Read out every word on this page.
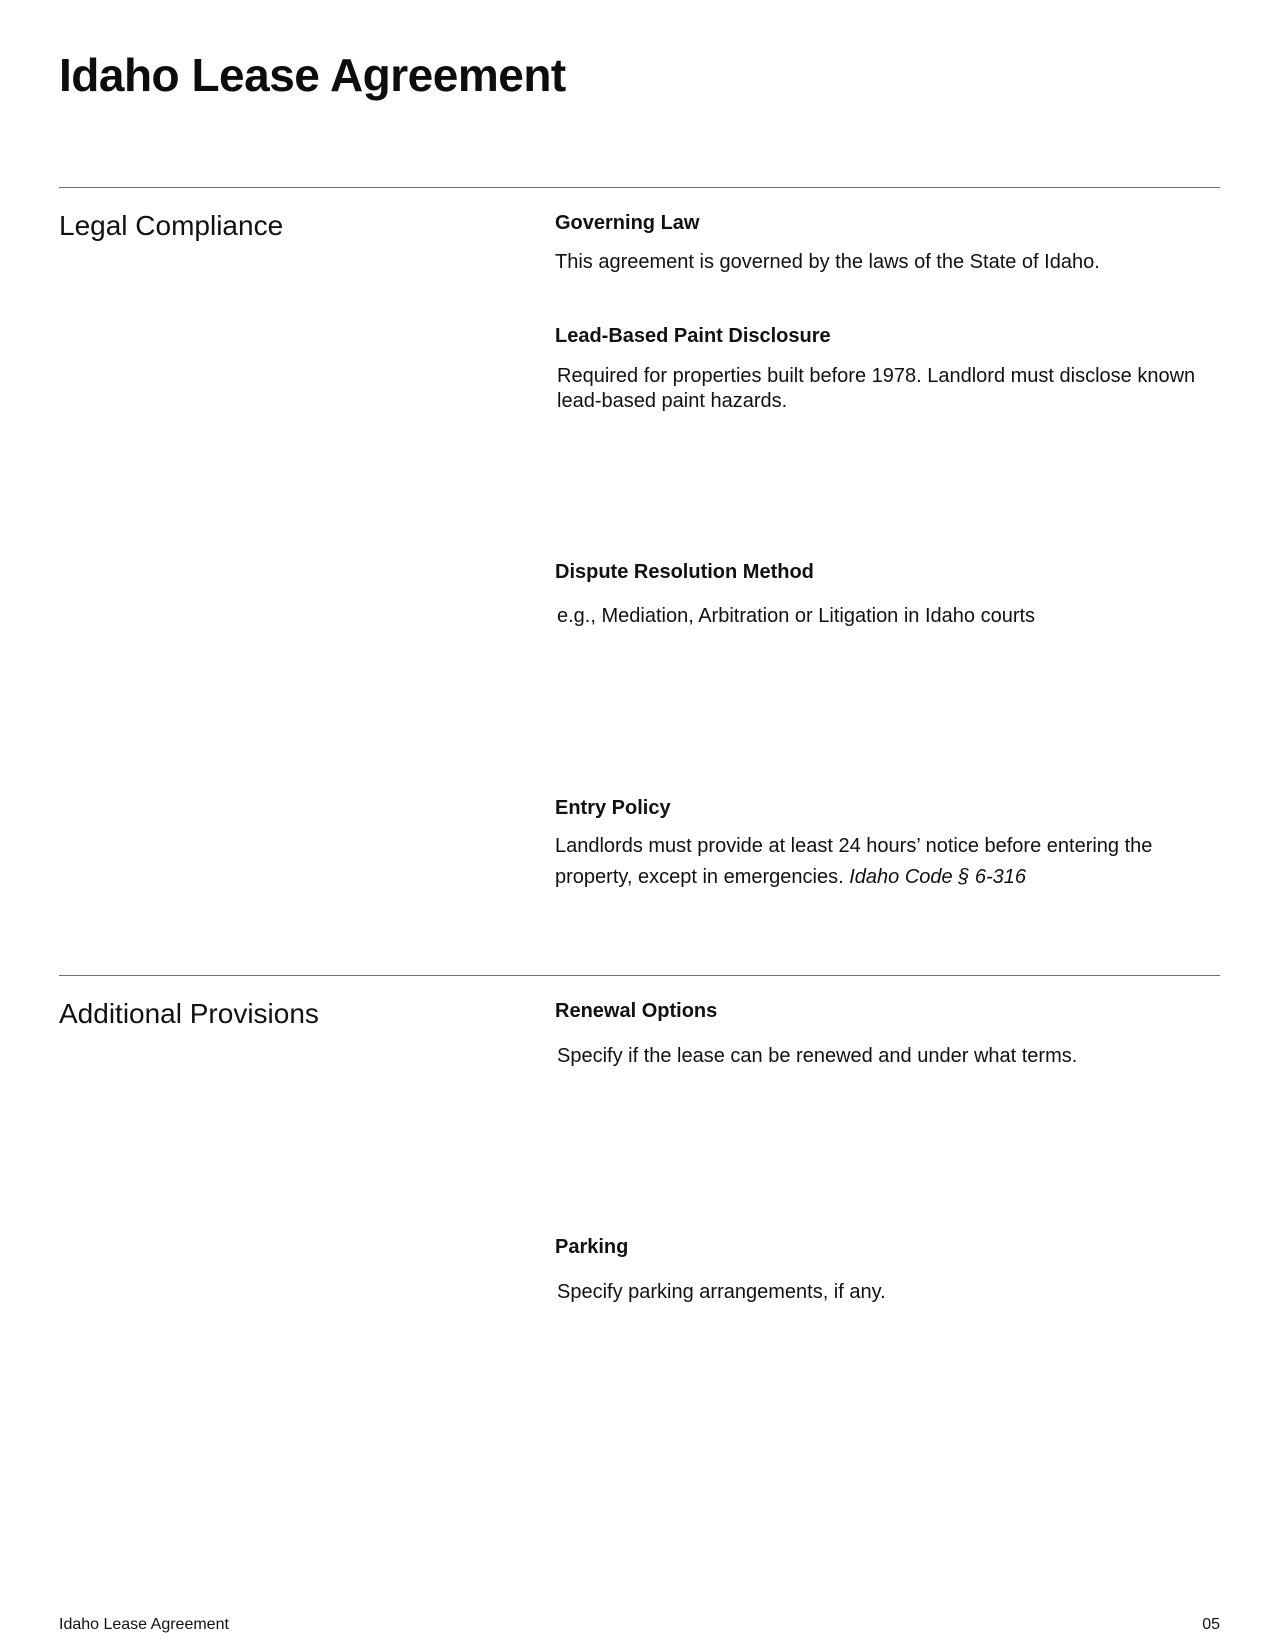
Idaho Lease Agreement
Legal Compliance	Governing Law

This agreement is governed by the laws of the State of Idaho.

Lead-Based Paint Disclosure

Required for properties built before 1978. Landlord must disclose known lead-based paint hazards.

Dispute Resolution Method

e.g., Mediation, Arbitration or Litigation in Idaho courts

Entry Policy

Landlords must provide at least 24 hours’ notice before entering the property, except in emergencies. Idaho Code § 6-316

Additional Provisions	Renewal Options

Specify if the lease can be renewed and under what terms.

Parking

Specify parking arrangements, if any.

Idaho Lease Agreement	05
